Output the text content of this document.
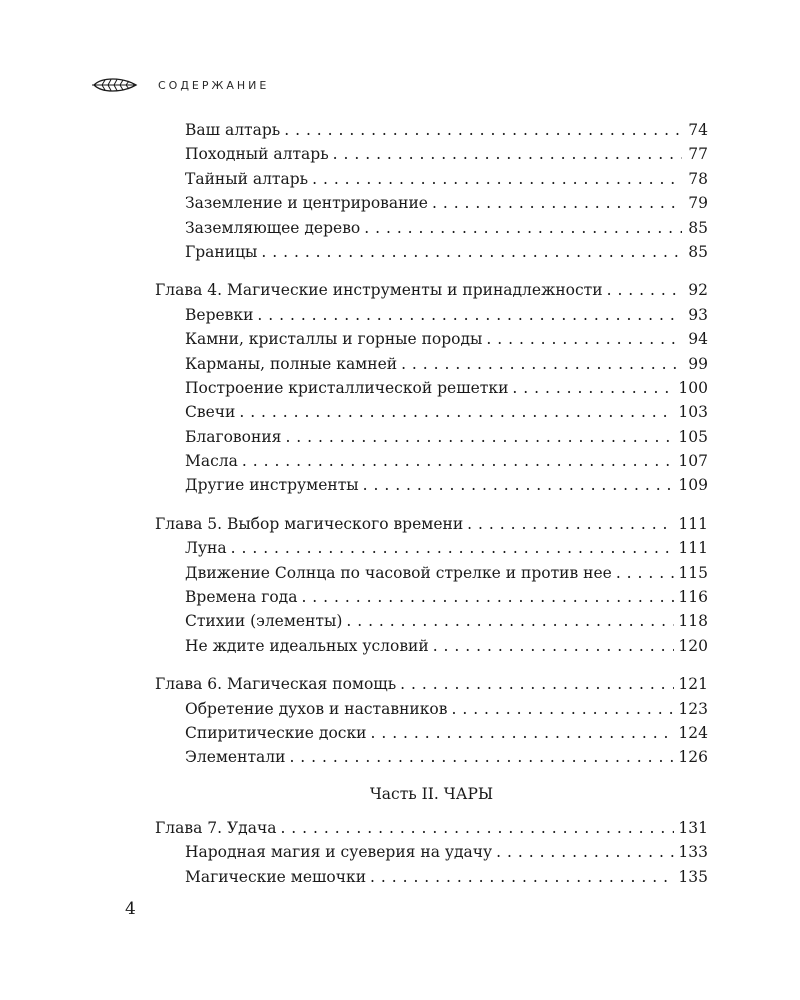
СОДЕРЖАНИЕ
Ваш алтарь . . .	74
Походный алтарь . . .	77
Тайный алтарь . . .	78
Заземление и центрирование . . .	79
Заземляющее дерево . . .	85
Границы . . .	85
Глава 4. Магические инструменты и принадлежности . . .	92
Веревки . . .	93
Камни, кристаллы и горные породы . . .	94
Карманы, полные камней . . .	99
Построение кристаллической решетки . . .	100
Свечи . . .	103
Благовония . . .	105
Масла . . .	107
Другие инструменты . . .	109
Глава 5. Выбор магического времени . . .	111
Луна . . .	111
Движение Солнца по часовой стрелке и против нее . . .	115
Времена года . . .	116
Стихии (элементы) . . .	118
Не ждите идеальных условий . . .	120
Глава 6. Магическая помощь . . .	121
Обретение духов и наставников . . .	123
Спиритические доски . . .	124
Элементали . . .	126
Часть II. ЧАРЫ
Глава 7. Удача . . .	131
Народная магия и суеверия на удачу . . .	133
Магические мешочки . . .	135
4
